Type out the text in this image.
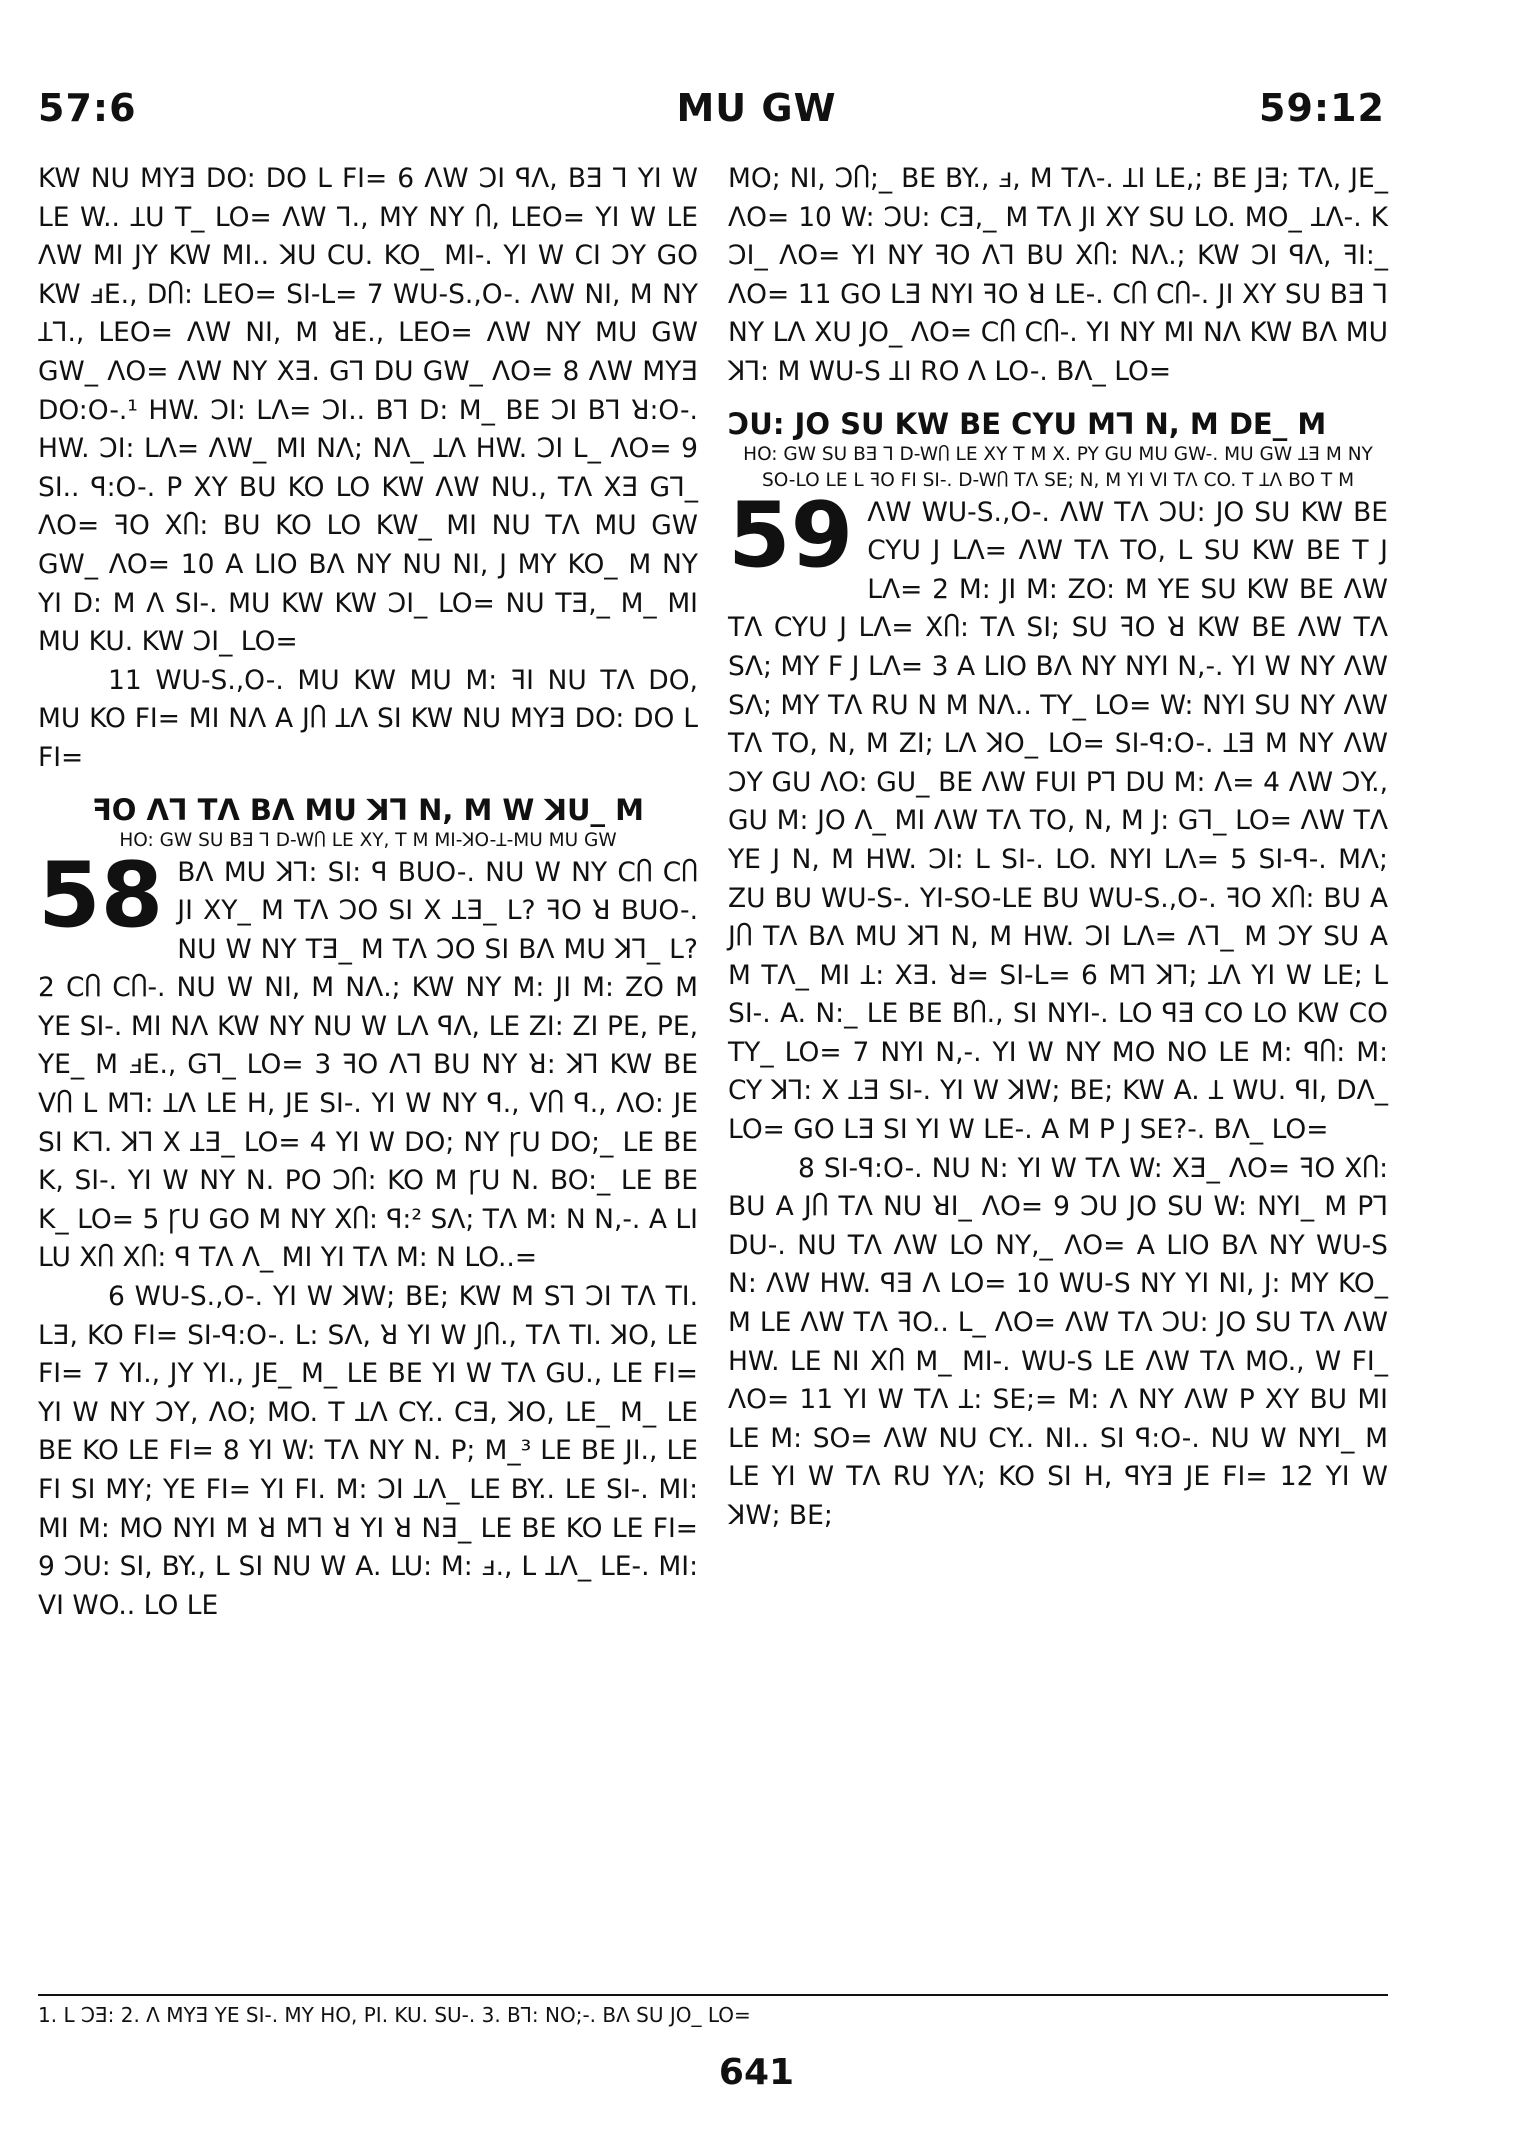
57:6	MU GW	59:12

KW NU MYƎ DO: DO L FI= 6 ɅW ƆI ꟼɅ, BƎ Ꞁ YI W LE W.. ꞱU T_ LO= ɅW Ꞁ., MY NY Ⴖ, LEO= YI W LE ɅW MI JY KW MI.. ꓘU CU. KO_ MI-. YI W CI ƆY GO KW ⅎE., DႶ: LEO= SI-L= 7 WU-S.,O-. ɅW NI, M NY ꞱꞀ., LEO= ɅW NI, M ꓤE., LEO= ɅW NY MU GW GW_ ɅO= ɅW NY XƎ. GꞀ DU GW_ ɅO= 8 ɅW MYƎ DO:O-.¹ HW. ƆI: LɅ= ƆI.. BꞀ D: M_ BE ƆI BꞀ ꓤ:O-. HW. ƆI: LɅ= ɅW_ MI NɅ; NɅ_ ꞱɅ HW. ƆI L_ ɅO= 9 SI.. ꟼ:O-. P XY BU KO LO KW ɅW NU., TɅ XƎ GꞀ_ ɅO= ꟻO XႶ: BU KO LO KW_ MI NU TɅ MU GW GW_ ɅO= 10 A LIO BɅ NY NU NI, J MY KO_ M NY YI D: M Λ SI-. MU KW KW ƆI_ LO= NU TƎ,_ M_ MI MU KU. KW ƆI_ LO=

11 WU-S.,O-. MU KW MU M: ꟻI NU TɅ DO, MU KO FI= MI NɅ A JႶ ꞱɅ SI KW NU MYƎ DO: DO L FI=

ꟻO ɅꞀ TɅ BɅ MU ꓘꞀ N, M W ꓘU_ M

HO: GW SU BƎ Ꞁ D-WႶ LE XY, T M MI-ꓘO-Ʇ-MU MU GW

58 BɅ MU ꓘꞀ: SI: ꟼ BUO-. NU W NY CႶ CႶ JI XY_ M TɅ ƆO SI X ꞱƎ_ L? ꟻO ꓤ BUO-. NU W NY TƎ_ M TɅ ƆO SI BɅ MU ꓘꞀ_ L? 2 CႶ CႶ-. NU W NI, M NɅ.; KW NY M: JI M: ZO M YE SI-. MI NɅ KW NY NU W LɅ ꟼɅ, LE ZI: ZI PE, PE, YE_ M ⅎE., GꞀ_ LO= 3 ꟻO ɅꞀ BU NY ꓤ: ꓘꞀ KW BE VႶ L MꞀ: ꞱɅ LE H, JE SI-. YI W NY ꟼ., VႶ ꟼ., ɅO: JE SI KꞀ. ꓘꞀ X ꞱƎ_ LO= 4 YI W DO; NY ꞄU DO;_ LE BE K, SI-. YI W NY N. PO ƆႶ: KO M ꞄU N. BO:_ LE BE K_ LO= 5 ꞄU GO M NY XႶ: ꟼ:² SɅ; TɅ M: N N,-. A LI LU XႶ XႶ: ꟼ TɅ Λ_ MI YI TɅ M: N LO..=

6 WU-S.,O-. YI W ꓘW; BE; KW M SꞀ ƆI TɅ TI. LƎ, KO FI= SI-ꟼ:O-. L: SɅ, ꓤ YI W JႶ., TɅ TI. ꓘO, LE FI= 7 YI., JY YI., JE_ M_ LE BE YI W TɅ GU., LE FI= YI W NY ƆY, ɅO; MO. T ꞱɅ CY.. CƎ, ꓘO, LE_ M_ LE BE KO LE FI= 8 YI W: TɅ NY N. P; M_³ LE BE JI., LE FI SI MY; YE FI= YI FI. M: ƆI ꞱɅ_ LE BY.. LE SI-. MI: MI M: MO NYI M ꓤ MꞀ ꓤ YI ꓤ NƎ_ LE BE KO LE FI= 9 ƆU: SI, BY., L SI NU W A. LU: M: ⅎ., L ꞱɅ_ LE-. MI: VI WO.. LO LE

MO; NI, ƆႶ;_ BE BY., ⅎ, M TɅ-. ꞱI LE,; BE JƎ; TɅ, JE_ ɅO= 10 W: ƆU: CƎ,_ M TɅ JI XY SU LO. MO_ ꞱɅ-. K ƆI_ ɅO= YI NY ꟻO ɅꞀ BU XႶ: NɅ.; KW ƆI ꟼɅ, ꟻI:_ ɅO= 11 GO LƎ NYI ꟻO ꓤ LE-. CႶ CႶ-. JI XY SU BƎ Ꞁ NY LɅ XU JO_ ɅO= CႶ CႶ-. YI NY MI NɅ KW BɅ MU ꓘꞀ: M WU-S ꞱI RO Λ LO-. BɅ_ LO=

ƆU: JO SU KW BE CYU MꞀ N, M DE_ M

HO: GW SU BƎ Ꞁ D-WႶ LE XY T M X. PY GU MU GW-. MU GW ꞱƎ M NY SO-LO LE L ꟻO FI SI-. D-WႶ TɅ SE; N, M YI VI TɅ CO. T ꞱɅ BO T M

59 ɅW WU-S.,O-. ɅW TɅ ƆU: JO SU KW BE CYU J LɅ= ɅW TɅ TO, L SU KW BE T J LɅ= 2 M: JI M: ZO: M YE SU KW BE ɅW TɅ CYU J LɅ= XႶ: TɅ SI; SU ꟻO ꓤ KW BE ɅW TɅ SɅ; MY F J LɅ= 3 A LIO BɅ NY NYI N,-. YI W NY ɅW SɅ; MY TɅ RU N M NɅ.. TY_ LO= W: NYI SU NY ɅW TɅ TO, N, M ZI; LɅ ꓘO_ LO= SI-ꟼ:O-. ꞱƎ M NY ɅW ƆY GU ɅO: GU_ BE ɅW FUI PꞀ DU M: Λ= 4 ɅW ƆY., GU M: JO Λ_ MI ɅW TɅ TO, N, M J: GꞀ_ LO= ɅW TɅ YE J N, M HW. ƆI: L SI-. LO. NYI LɅ= 5 SI-ꟼ-. MɅ; ZU BU WU-S-. YI-SO-LE BU WU-S.,O-. ꟻO XႶ: BU A JႶ TɅ BɅ MU ꓘꞀ N, M HW. ƆI LɅ= ɅꞀ_ M ƆY SU A M TɅ_ MI Ʇ: XƎ. ꓤ= SI-L= 6 MꞀ ꓘꞀ; ꞱɅ YI W LE; L SI-. A. N:_ LE BE BႶ., SI NYI-. LO ꟼƎ CO LO KW CO TY_ LO= 7 NYI N,-. YI W NY MO NO LE M: ꟼႶ: M: CY ꓘꞀ: X ꞱƎ SI-. YI W ꓘW; BE; KW A. Ʇ WU. ꟼI, DɅ_ LO= GO LƎ SI YI W LE-. A M P J SE?-. BɅ_ LO=

8 SI-ꟼ:O-. NU N: YI W TɅ W: XƎ_ ɅO= ꟻO XႶ: BU A JႶ TɅ NU ꓤI_ ɅO= 9 ƆU JO SU W: NYI_ M PꞀ DU-. NU TɅ ɅW LO NY,_ ɅO= A LIO BɅ NY WU-S N: ɅW HW. ꟼƎ Λ LO= 10 WU-S NY YI NI, J: MY KO_ M LE ɅW TɅ ꟻO.. L_ ɅO= ɅW TɅ ƆU: JO SU TɅ ɅW HW. LE NI XႶ M_ MI-. WU-S LE ɅW TɅ MO., W FI_ ɅO= 11 YI W TɅ Ʇ: SE;= M: Λ NY ɅW P XY BU MI LE M: SO= ɅW NU CY.. NI.. SI ꟼ:O-. NU W NYI_ M LE YI W TɅ RU YɅ; KO SI H, ꟼYƎ JE FI= 12 YI W ꓘW; BE;

1. L ƆƎ: 2. Λ MYƎ YE SI-. MY HO, PI. KU. SU-. 3. BꞀ: NO;-. BɅ SU JO_ LO=
641
